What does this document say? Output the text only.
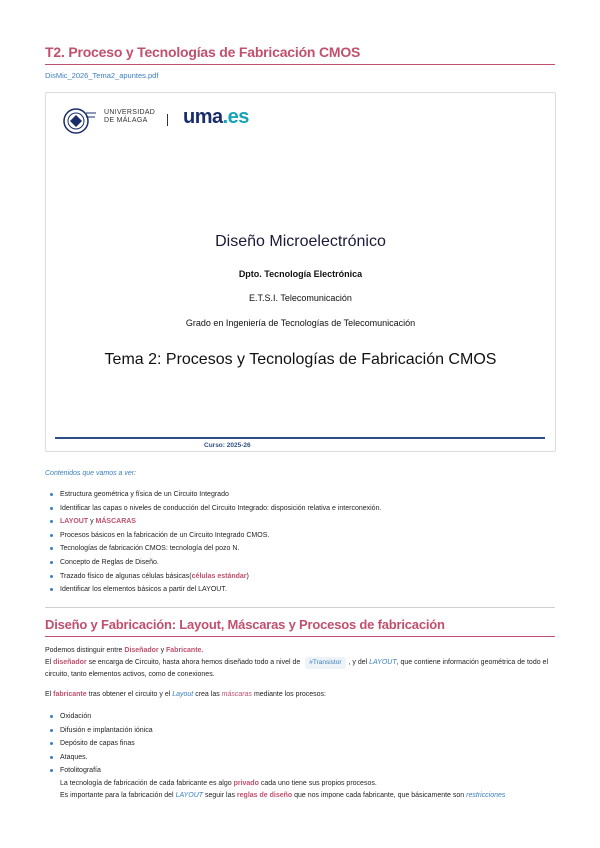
T2. Proceso y Tecnologías de Fabricación CMOS
DisMic_2026_Tema2_apuntes.pdf
UNIVERSIDAD
DE MÁLAGA	uma.es
Diseño Microelectrónico
Dpto. Tecnología Electrónica
E.T.S.I. Telecomunicación
Grado en Ingeniería de Tecnologías de Telecomunicación
Tema 2: Procesos y Tecnologías de Fabricación CMOS
Curso: 2025-26
Contenidos que vamos a ver:
Estructura geométrica y física de un Circuito Integrado
Identificar las capas o niveles de conducción del Circuito Integrado: disposición relativa e interconexión.
LAYOUT y MÁSCARAS
Procesos básicos en la fabricación de un Circuito Integrado CMOS.
Tecnologías de fabricación CMOS: tecnología del pozo N.
Concepto de Reglas de Diseño.
Trazado físico de algunas células básicas(células estándar)
Identificar los elementos básicos a partir del LAYOUT.
Diseño y Fabricación: Layout, Máscaras y Procesos de fabricación
Podemos distinguir entre Diseñador y Fabricante.
El diseñador se encarga de Circuito, hasta ahora hemos diseñado todo a nivel de #Transistor , y del LAYOUT, que contiene información geométrica de todo el circuito, tanto elementos activos, como de conexiones.
El fabricante tras obtener el circuito y el Layout crea las máscaras mediante los procesos:
Oxidación
Difusión e implantación iónica
Depósito de capas finas
Ataques.
Fotolitografía
La tecnología de fabricación de cada fabricante es algo privado cada uno tiene sus propios procesos.
Es importante para la fabricación del LAYOUT seguir las reglas de diseño que nos impone cada fabricante, que básicamente son restricciones
